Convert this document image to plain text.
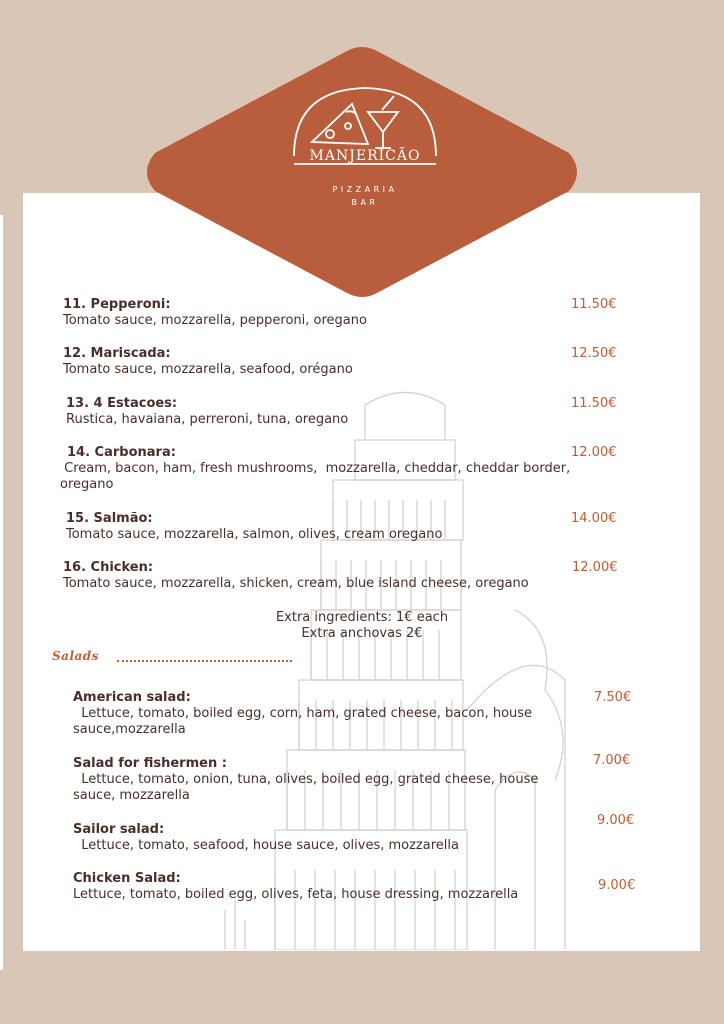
MANJERICÃO
PIZZARIA
BAR
11. Pepperoni:
Tomato sauce, mozzarella, pepperoni, oregano
11.50€
12. Mariscada:
Tomato sauce, mozzarella, seafood, orégano
12.50€
13. 4 Estacoes:
Rustica, havaiana, perreroni, tuna, oregano
11.50€
14. Carbonara:
Cream, bacon, ham, fresh mushrooms,  mozzarella, cheddar, cheddar border,
oregano
12.00€
15. Salmão:
Tomato sauce, mozzarella, salmon, olives, cream oregano
14.00€
16. Chicken:
Tomato sauce, mozzarella, shicken, cream, blue island cheese, oregano
12.00€
Extra ingredients: 1€ each
Extra anchovas 2€
Salads
American salad:
Lettuce, tomato, boiled egg, corn, ham, grated cheese, bacon, house
sauce,mozzarella
7.50€
Salad for fishermen :
Lettuce, tomato, onion, tuna, olives, boiled egg, grated cheese, house
sauce, mozzarella
7.00€
Sailor salad:
Lettuce, tomato, seafood, house sauce, olives, mozzarella
9.00€
Chicken Salad:
Lettuce, tomato, boiled egg, olives, feta, house dressing, mozzarella
9.00€
